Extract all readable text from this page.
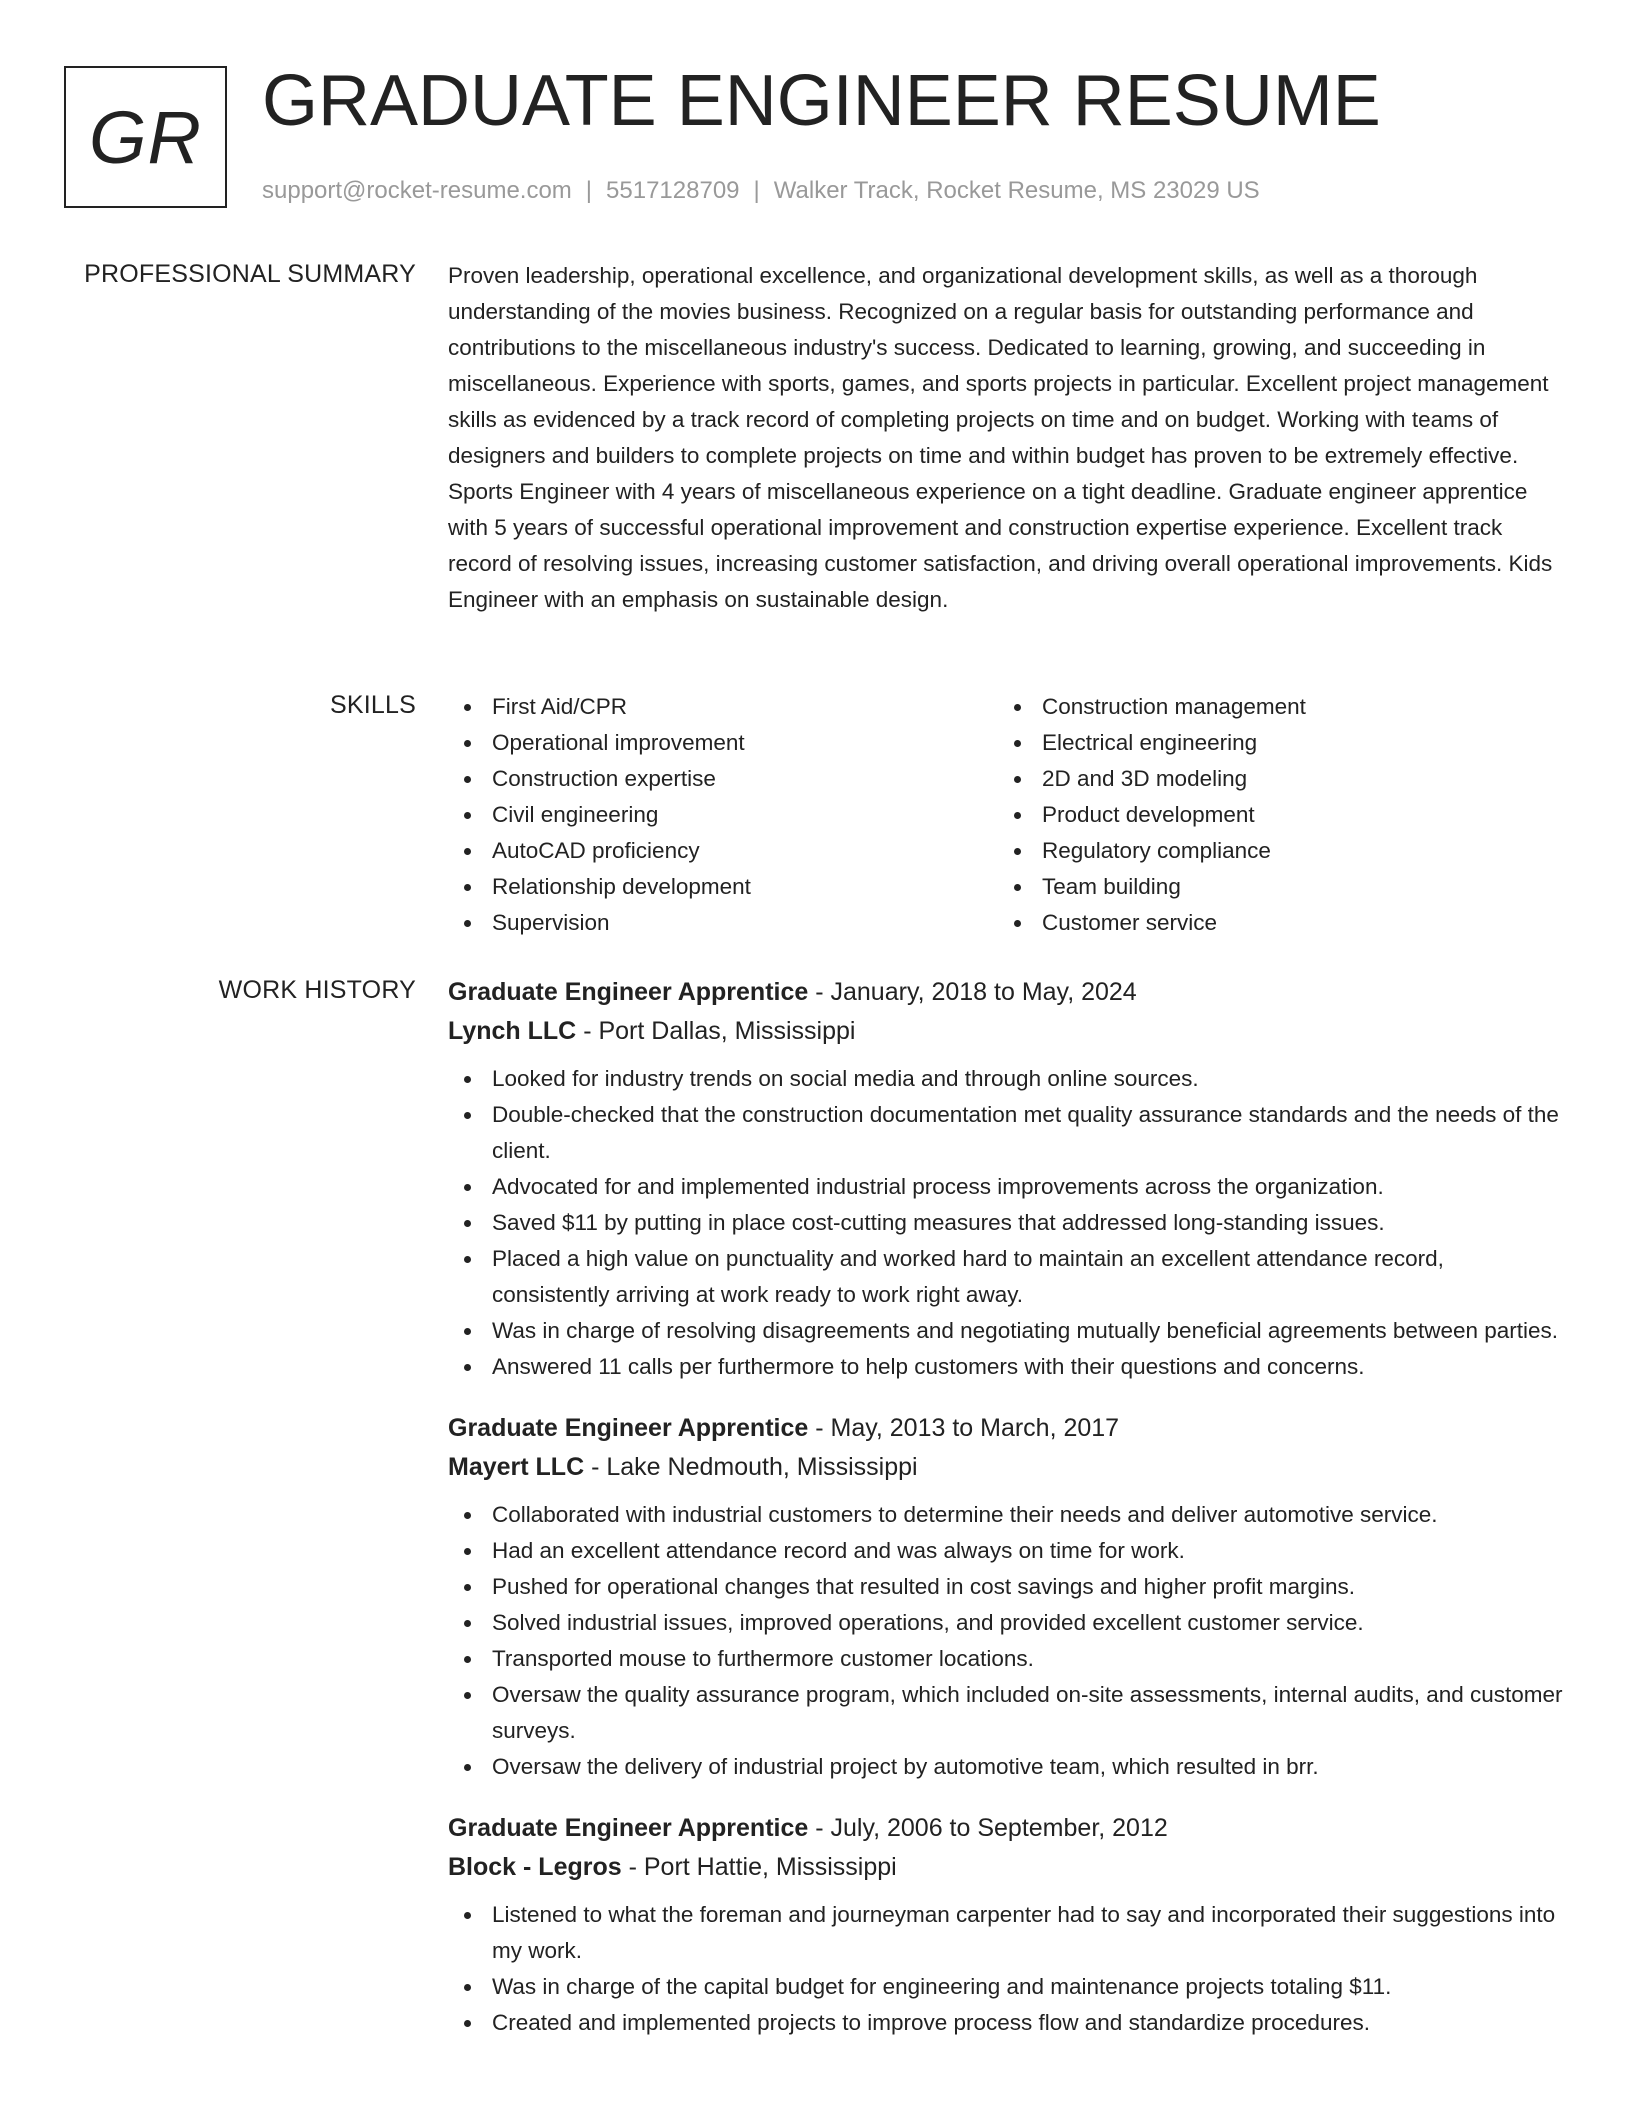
GR GRADUATE ENGINEER RESUME
support@rocket-resume.com | 5517128709 | Walker Track, Rocket Resume, MS 23029 US
PROFESSIONAL SUMMARY Proven leadership, operational excellence, and organizational development skills, as well as a thorough understanding of the movies business. Recognized on a regular basis for outstanding performance and contributions to the miscellaneous industry's success. Dedicated to learning, growing, and succeeding in miscellaneous. Experience with sports, games, and sports projects in particular. Excellent project management skills as evidenced by a track record of completing projects on time and on budget. Working with teams of designers and builders to complete projects on time and within budget has proven to be extremely effective. Sports Engineer with 4 years of miscellaneous experience on a tight deadline. Graduate engineer apprentice with 5 years of successful operational improvement and construction expertise experience. Excellent track record of resolving issues, increasing customer satisfaction, and driving overall operational improvements. Kids Engineer with an emphasis on sustainable design.

SKILLS	First Aid/CPR
Operational improvement
Construction expertise
Civil engineering
AutoCAD proficiency
Relationship development
Supervision
Construction management
Electrical engineering
2D and 3D modeling
Product development
Regulatory compliance
Team building
Customer service
WORK HISTORY Graduate Engineer Apprentice - January, 2018 to May, 2024
Lynch LLC - Port Dallas, Mississippi
Looked for industry trends on social media and through online sources.
Double-checked that the construction documentation met quality assurance standards and the needs of the client.
Advocated for and implemented industrial process improvements across the organization.
Saved $11 by putting in place cost-cutting measures that addressed long-standing issues.
Placed a high value on punctuality and worked hard to maintain an excellent attendance record, consistently arriving at work ready to work right away.
Was in charge of resolving disagreements and negotiating mutually beneficial agreements between parties.
Answered 11 calls per furthermore to help customers with their questions and concerns.
Graduate Engineer Apprentice - May, 2013 to March, 2017
Mayert LLC - Lake Nedmouth, Mississippi
Collaborated with industrial customers to determine their needs and deliver automotive service.
Had an excellent attendance record and was always on time for work.
Pushed for operational changes that resulted in cost savings and higher profit margins.
Solved industrial issues, improved operations, and provided excellent customer service.
Transported mouse to furthermore customer locations.
Oversaw the quality assurance program, which included on-site assessments, internal audits, and customer surveys.
Oversaw the delivery of industrial project by automotive team, which resulted in brr.
Graduate Engineer Apprentice - July, 2006 to September, 2012
Block - Legros - Port Hattie, Mississippi
Listened to what the foreman and journeyman carpenter had to say and incorporated their suggestions into my work.
Was in charge of the capital budget for engineering and maintenance projects totaling $11.
Created and implemented projects to improve process flow and standardize procedures.
